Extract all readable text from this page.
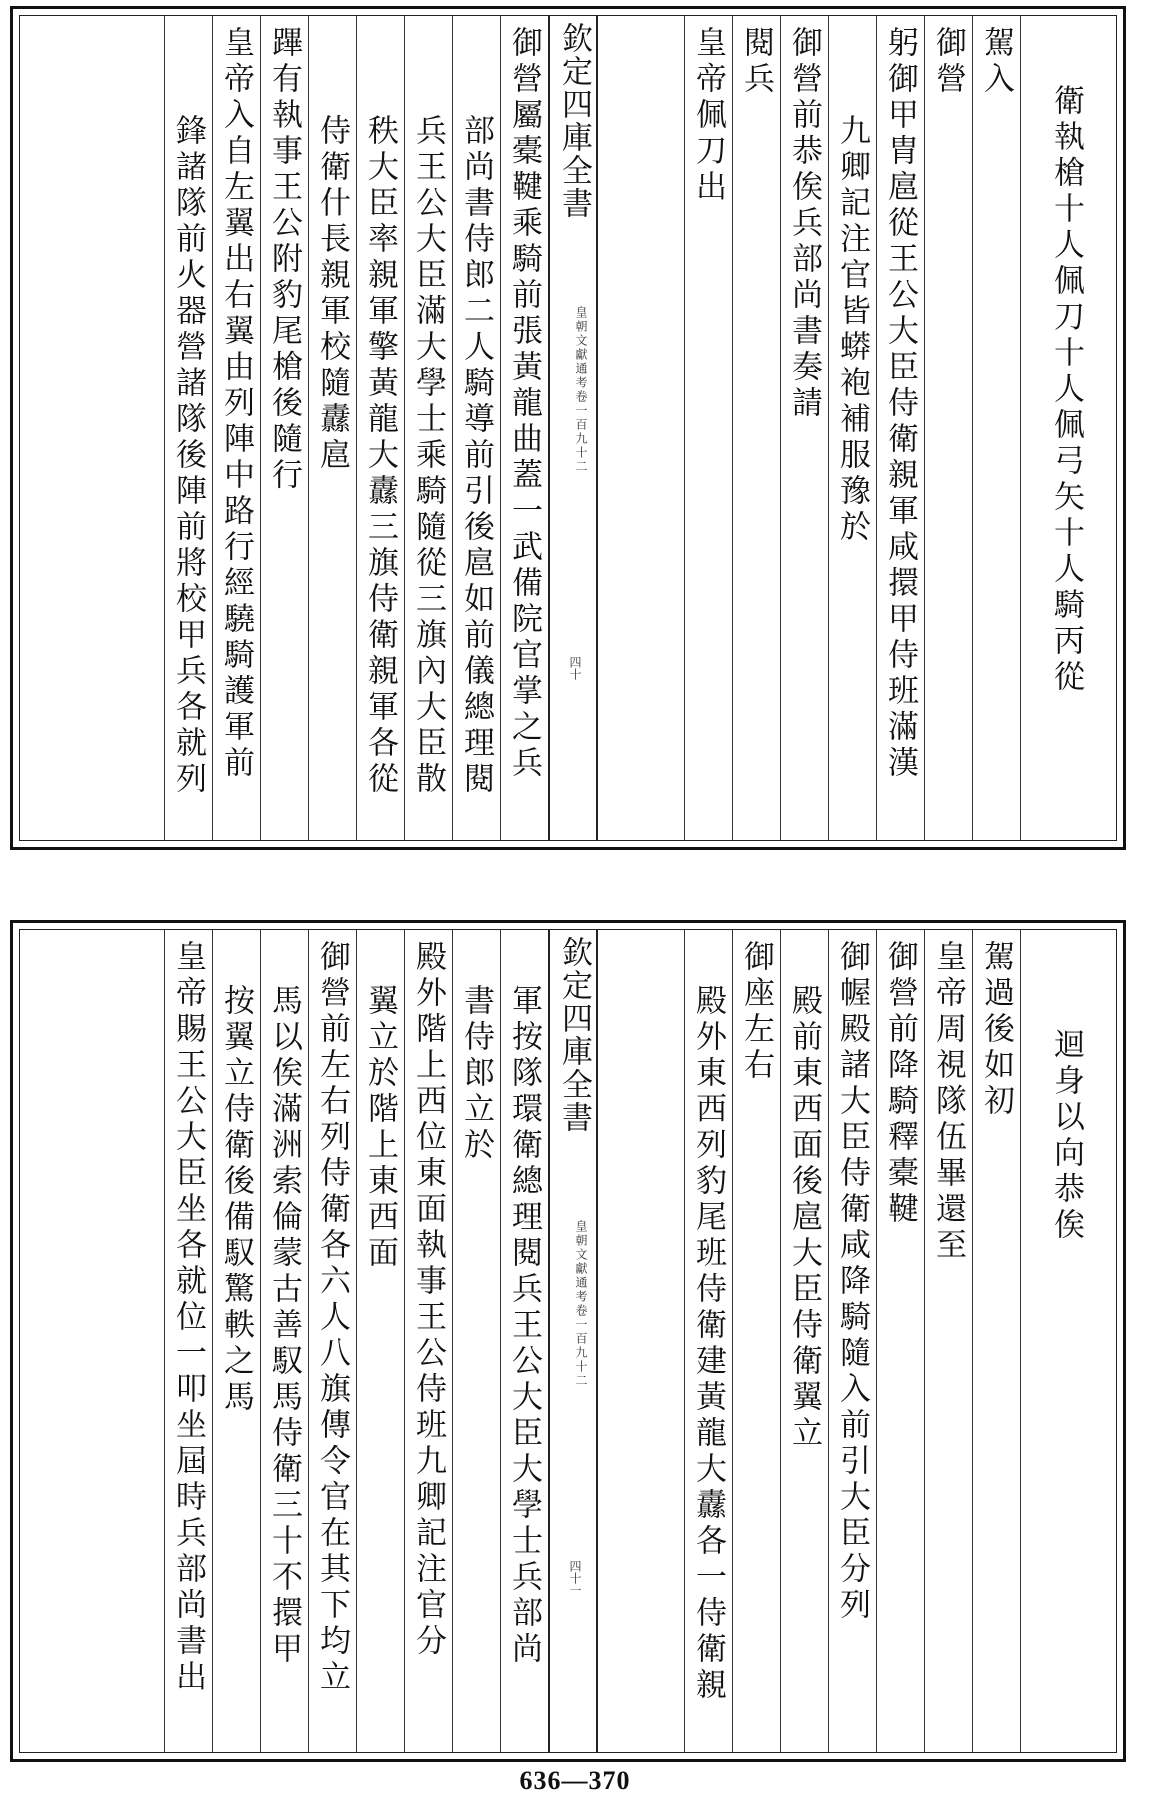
衛執槍十人佩刀十人佩弓矢十人騎丙從
駕入
御營
躬御甲胄扈從王公大臣侍衛親軍咸擐甲侍班滿漢
九卿記注官皆蟒袍補服豫於
御營前恭俟兵部尚書奏請
閱兵
皇帝佩刀出
欽定四庫全書
皇朝文獻通考卷一百九十二
四十
御營屬橐鞬乘騎前張黃龍曲蓋一武備院官掌之兵
部尚書侍郎二人騎導前引後扈如前儀總理閱
兵王公大臣滿大學士乘騎隨從三旗內大臣散
秩大臣率親軍擎黃龍大纛三旗侍衛親軍各從
侍衛什長親軍校隨纛扈
蹕有執事王公附豹尾槍後隨行
皇帝入自左翼出右翼由列陣中路行經驍騎護軍前
鋒諸隊前火器營諸隊後陣前將校甲兵各就列
迴身以向恭俟
駕過後如初
皇帝周視隊伍畢還至
御營前降騎釋橐鞬
御幄殿諸大臣侍衛咸降騎隨入前引大臣分列
殿前東西面後扈大臣侍衛翼立
御座左右
殿外東西列豹尾班侍衛建黃龍大纛各一侍衛親
欽定四庫全書
皇朝文獻通考卷一百九十二
四十一
軍按隊環衛總理閱兵王公大臣大學士兵部尚
書侍郎立於
殿外階上西位東面執事王公侍班九卿記注官分
翼立於階上東西面
御營前左右列侍衛各六人八旗傳令官在其下均立
馬以俟滿洲索倫蒙古善馭馬侍衛三十不擐甲
按翼立侍衛後備馭驚軼之馬
皇帝賜王公大臣坐各就位一叩坐屆時兵部尚書出
636—370
